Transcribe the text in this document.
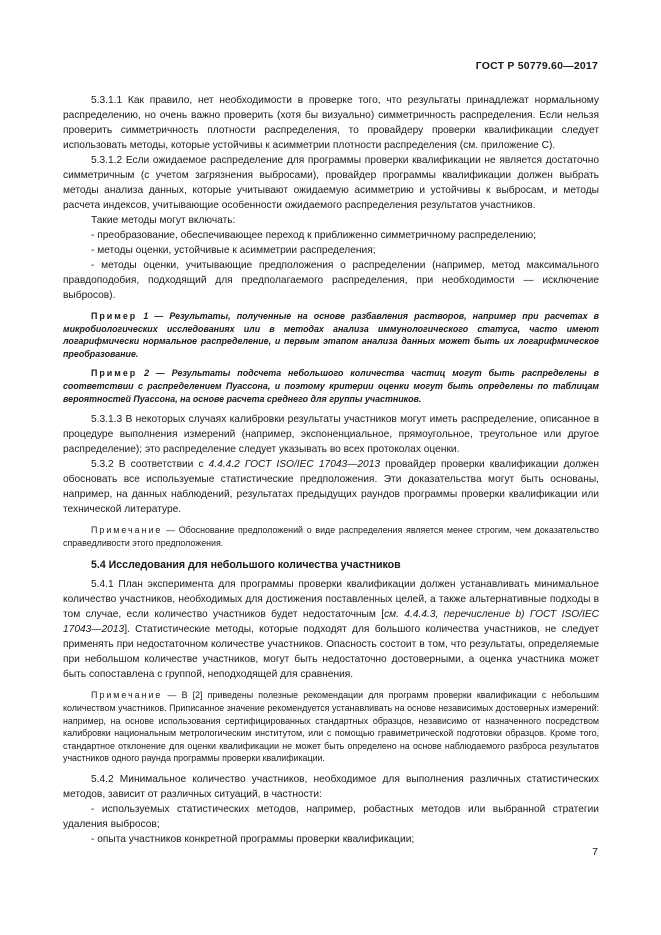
ГОСТ Р 50779.60—2017

5.3.1.1 Как правило, нет необходимости в проверке того, что результаты принадлежат нормальному распределению, но очень важно проверить (хотя бы визуально) симметричность распределения. Если нельзя проверить симметричность плотности распределения, то провайдеру проверки квалификации следует использовать методы, которые устойчивы к асимметрии плотности распределения (см. приложение С).

5.3.1.2 Если ожидаемое распределение для программы проверки квалификации не является достаточно симметричным (с учетом загрязнения выбросами), провайдер программы квалификации должен выбрать методы анализа данных, которые учитывают ожидаемую асимметрию и устойчивы к выбросам, и методы расчета индексов, учитывающие особенности ожидаемого распределения результатов участников.

Такие методы могут включать:

- преобразование, обеспечивающее переход к приближенно симметричному распределению;

- методы оценки, устойчивые к асимметрии распределения;

- методы оценки, учитывающие предположения о распределении (например, метод максимального правдоподобия, подходящий для предполагаемого распределения, при необходимости — исключение выбросов).

Пример 1 — Результаты, полученные на основе разбавления растворов, например при расчетах в микробиологических исследованиях или в методах анализа иммунологического статуса, часто имеют логарифмически нормальное распределение, и первым этапом анализа данных может быть их логарифмическое преобразование.

Пример 2 — Результаты подсчета небольшого количества частиц могут быть распределены в соответствии с распределением Пуассона, и поэтому критерии оценки могут быть определены по таблицам вероятностей Пуассона, на основе расчета среднего для группы участников.

5.3.1.3 В некоторых случаях калибровки результаты участников могут иметь распределение, описанное в процедуре выполнения измерений (например, экспоненциальное, прямоугольное, треугольное или другое распределение); это распределение следует указывать во всех протоколах оценки.

5.3.2 В соответствии с 4.4.4.2 ГОСТ ISO/IEC 17043—2013 провайдер проверки квалификации должен обосновать все используемые статистические предположения. Эти доказательства могут быть основаны, например, на данных наблюдений, результатах предыдущих раундов программы проверки квалификации или технической литературе.

Примечание — Обоснование предположений о виде распределения является менее строгим, чем доказательство справедливости этого предположения.

5.4 Исследования для небольшого количества участников

5.4.1 План эксперимента для программы проверки квалификации должен устанавливать минимальное количество участников, необходимых для достижения поставленных целей, а также альтернативные подходы в том случае, если количество участников будет недостаточным [см. 4.4.4.3, перечисление b) ГОСТ ISO/IEC 17043—2013]. Статистические методы, которые подходят для большого количества участников, не следует применять при недостаточном количестве участников. Опасность состоит в том, что результаты, определяемые при небольшом количестве участников, могут быть недостаточно достоверными, а оценка участника может быть сопоставлена с группой, неподходящей для сравнения.

Примечание — В [2] приведены полезные рекомендации для программ проверки квалификации с небольшим количеством участников. Приписанное значение рекомендуется устанавливать на основе независимых достоверных измерений: например, на основе использования сертифицированных стандартных образцов, независимо от назначенного посредством калибровки национальным метрологическим институтом, или с помощью гравиметрической подготовки образцов. Кроме того, стандартное отклонение для оценки квалификации не может быть определено на основе наблюдаемого разброса результатов участников одного раунда программы проверки квалификации.

5.4.2 Минимальное количество участников, необходимое для выполнения различных статистических методов, зависит от различных ситуаций, в частности:

- используемых статистических методов, например, робастных методов или выбранной стратегии удаления выбросов;

- опыта участников конкретной программы проверки квалификации;

7
